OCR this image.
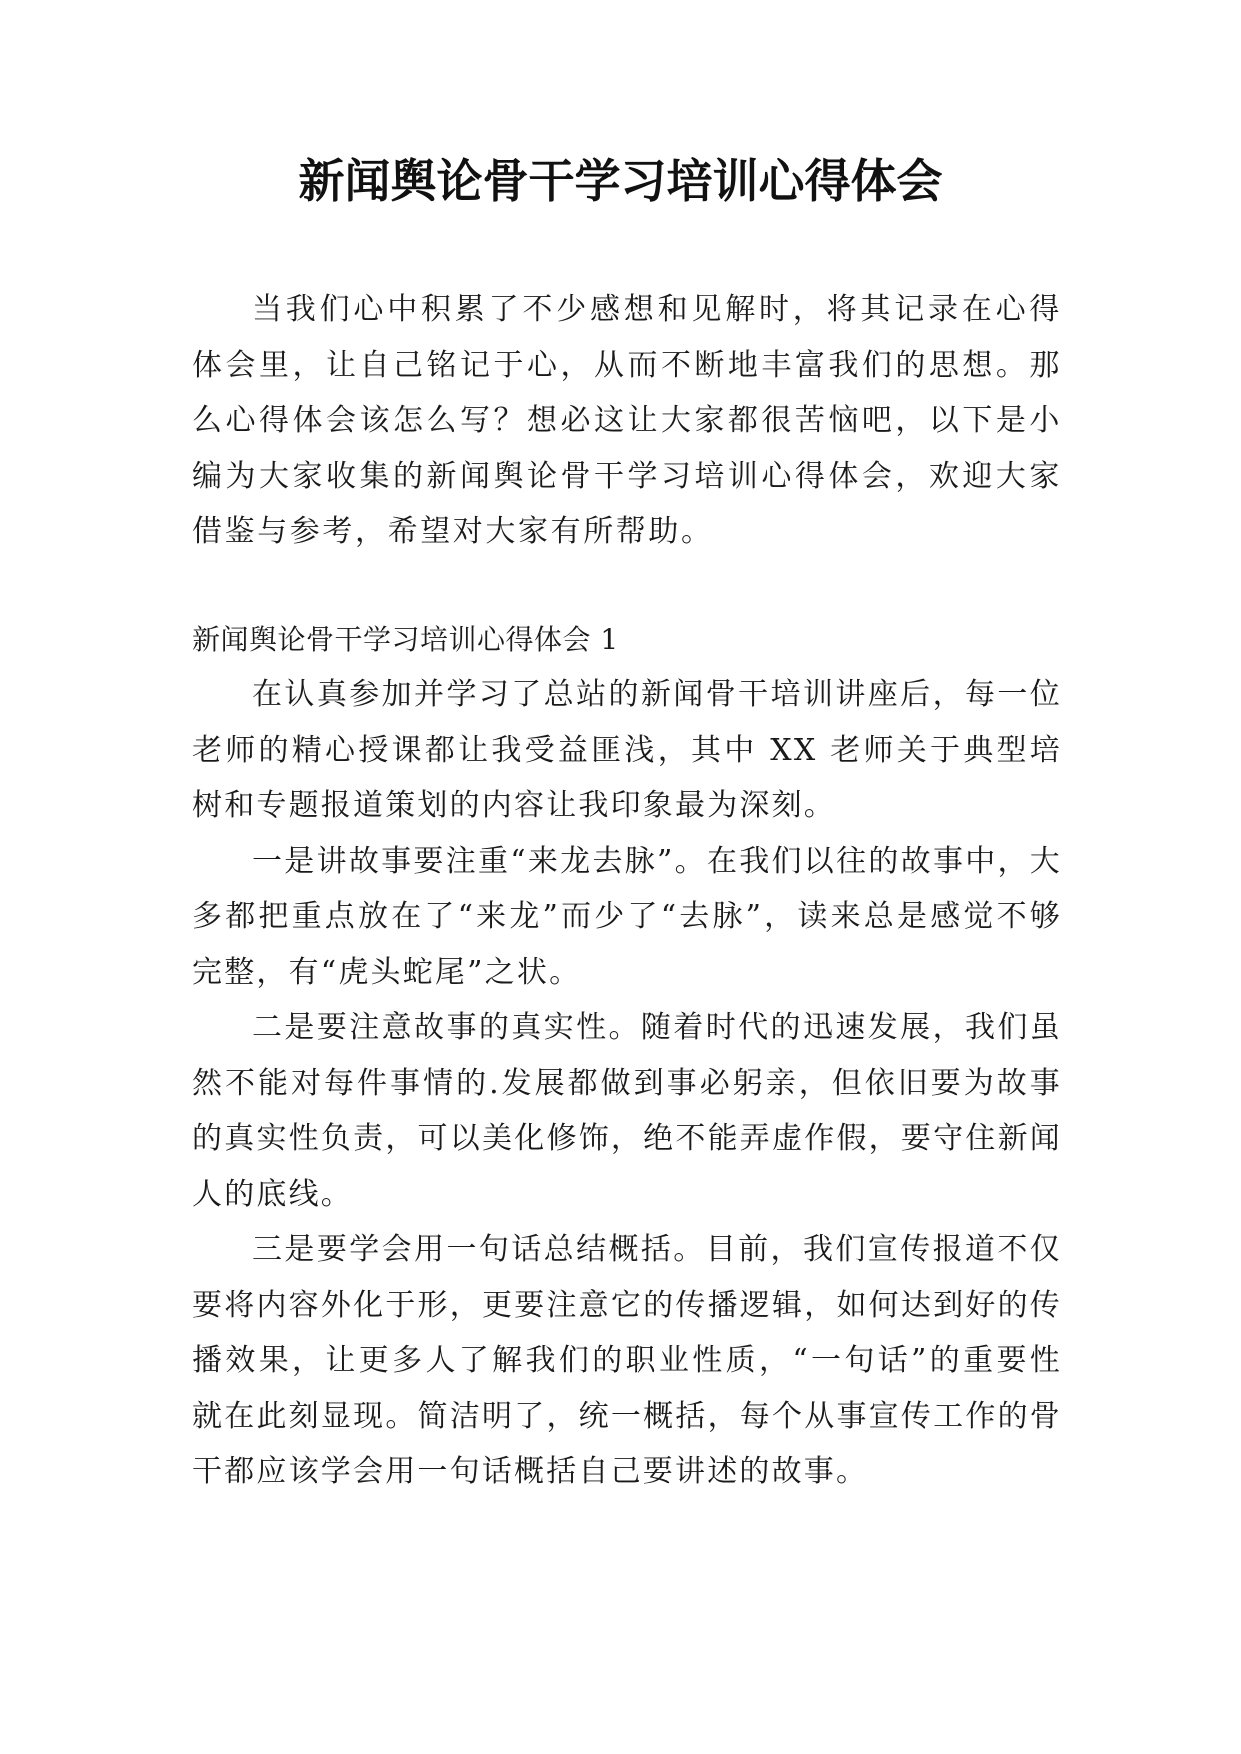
新闻舆论骨干学习培训心得体会

当我们心中积累了不少感想和见解时，将其记录在心得体会里，让自己铭记于心，从而不断地丰富我们的思想。那么心得体会该怎么写？想必这让大家都很苦恼吧，以下是小编为大家收集的新闻舆论骨干学习培训心得体会，欢迎大家借鉴与参考，希望对大家有所帮助。

新闻舆论骨干学习培训心得体会 1

在认真参加并学习了总站的新闻骨干培训讲座后，每一位老师的精心授课都让我受益匪浅，其中 XX 老师关于典型培树和专题报道策划的内容让我印象最为深刻。

一是讲故事要注重“来龙去脉”。在我们以往的故事中，大多都把重点放在了“来龙”而少了“去脉”，读来总是感觉不够完整，有“虎头蛇尾”之状。

二是要注意故事的真实性。随着时代的迅速发展，我们虽然不能对每件事情的.发展都做到事必躬亲，但依旧要为故事的真实性负责，可以美化修饰，绝不能弄虚作假，要守住新闻人的底线。

三是要学会用一句话总结概括。目前，我们宣传报道不仅要将内容外化于形，更要注意它的传播逻辑，如何达到好的传播效果，让更多人了解我们的职业性质，“一句话”的重要性就在此刻显现。简洁明了，统一概括，每个从事宣传工作的骨干都应该学会用一句话概括自己要讲述的故事。
